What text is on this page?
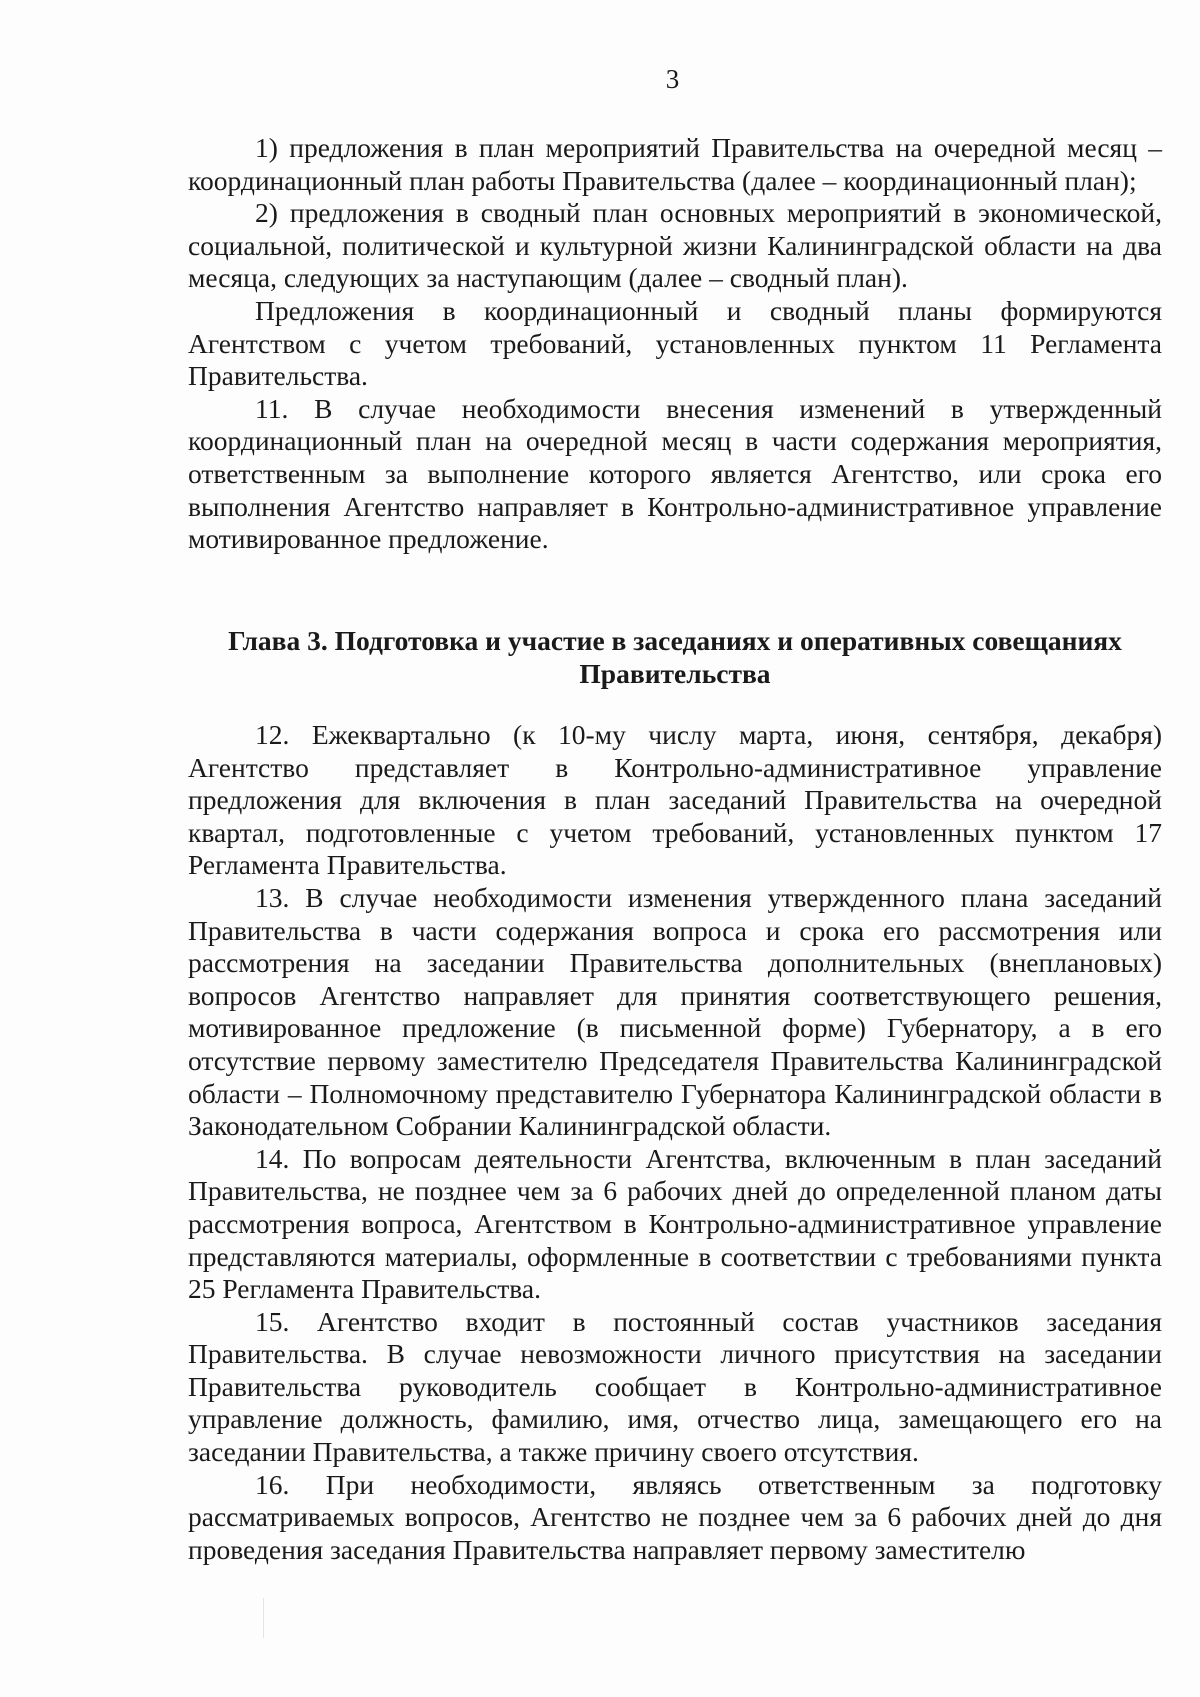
3

1) предложения в план мероприятий Правительства на очередной месяц – координационный план работы Правительства (далее – координационный план);

2) предложения в сводный план основных мероприятий в экономической, социальной, политической и культурной жизни Калининградской области на два месяца, следующих за наступающим (далее – сводный план).

Предложения в координационный и сводный планы формируются Агентством с учетом требований, установленных пунктом 11 Регламента Правительства.

11. В случае необходимости внесения изменений в утвержденный координационный план на очередной месяц в части содержания мероприятия, ответственным за выполнение которого является Агентство, или срока его выполнения Агентство направляет в Контрольно-административное управление мотивированное предложение.

Глава 3. Подготовка и участие в заседаниях и оперативных совещаниях Правительства

12. Ежеквартально (к 10-му числу марта, июня, сентября, декабря) Агентство представляет в Контрольно-административное управление предложения для включения в план заседаний Правительства на очередной квартал, подготовленные с учетом требований, установленных пунктом 17 Регламента Правительства.

13. В случае необходимости изменения утвержденного плана заседаний Правительства в части содержания вопроса и срока его рассмотрения или рассмотрения на заседании Правительства дополнительных (внеплановых) вопросов Агентство направляет для принятия соответствующего решения, мотивированное предложение (в письменной форме) Губернатору, а в его отсутствие первому заместителю Председателя Правительства Калининградской области – Полномочному представителю Губернатора Калининградской области в Законодательном Собрании Калининградской области.

14. По вопросам деятельности Агентства, включенным в план заседаний Правительства, не позднее чем за 6 рабочих дней до определенной планом даты рассмотрения вопроса, Агентством в Контрольно-административное управление представляются материалы, оформленные в соответствии с требованиями пункта 25 Регламента Правительства.

15. Агентство входит в постоянный состав участников заседания Правительства. В случае невозможности личного присутствия на заседании Правительства руководитель сообщает в Контрольно-административное управление должность, фамилию, имя, отчество лица, замещающего его на заседании Правительства, а также причину своего отсутствия.

16. При необходимости, являясь ответственным за подготовку рассматриваемых вопросов, Агентство не позднее чем за 6 рабочих дней до дня проведения заседания Правительства направляет первому заместителю
